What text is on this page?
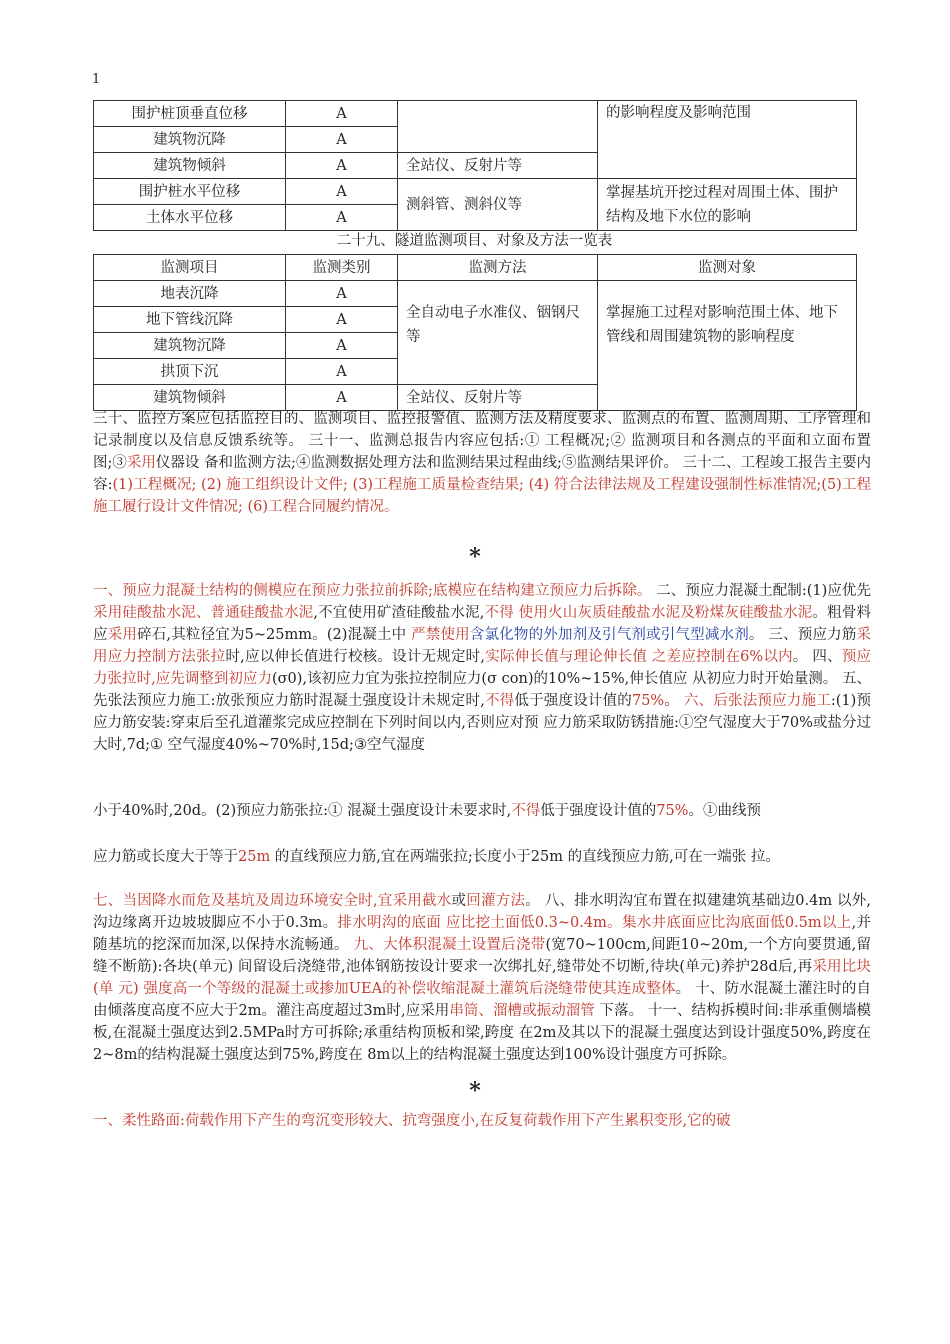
1
围护桩顶垂直位移	A		的影响程度及影响范围
建筑物沉降	A		
建筑物倾斜	A	全站仪、反射片等	
围护桩水平位移	A	测斜管、测斜仪等	掌握基坑开挖过程对周围土体、围护结构及地下水位的影响
土体水平位移	A		
二十九、隧道监测项目、对象及方法一览表
监测项目	监测类别	监测方法	监测对象
地表沉降	A	全自动电子水准仪、铟钢尺等	掌握施工过程对影响范围土体、地下管线和周围建筑物的影响程度
地下管线沉降	A		
建筑物沉降	A		
拱顶下沉	A		
建筑物倾斜	A	全站仪、反射片等	

三十、监控方案应包括监控目的、监测项目、监控报警值、监测方法及精度要求、监测点的布置、监测周期、工序管理和记录制度以及信息反馈系统等。 三十一、监测总报告内容应包括:① 工程概况;② 监测项目和各测点的平面和立面布置图;③采用仪器设 备和监测方法;④监测数据处理方法和监测结果过程曲线;⑤监测结果评价。 三十二、工程竣工报告主要内容:(1)工程概况; (2) 施工组织设计文件; (3)工程施工质量检查结果; (4) 符合法律法规及工程建设强制性标准情况;(5)工程施工履行设计文件情况; (6)工程合同履约情况。

*

一、预应力混凝土结构的侧模应在预应力张拉前拆除;底模应在结构建立预应力后拆除。 二、预应力混凝土配制:(1)应优先采用硅酸盐水泥、普通硅酸盐水泥,不宜使用矿渣硅酸盐水泥,不得 使用火山灰质硅酸盐水泥及粉煤灰硅酸盐水泥。粗骨料应采用碎石,其粒径宜为5~25mm。(2)混凝土中 严禁使用含氯化物的外加剂及引气剂或引气型减水剂。 三、预应力筋采用应力控制方法张拉时,应以伸长值进行校核。设计无规定时,实际伸长值与理论伸长值 之差应控制在6%以内。 四、预应力张拉时,应先调整到初应力(σ0),该初应力宜为张拉控制应力(σ con)的10%~15%,伸长值应 从初应力时开始量测。 五、先张法预应力施工:放张预应力筋时混凝土强度设计未规定时,不得低于强度设计值的75%。 六、后张法预应力施工:(1)预应力筋安装:穿束后至孔道灌浆完成应控制在下列时间以内,否则应对预 应力筋采取防锈措施:①空气湿度大于70%或盐分过大时,7d;① 空气湿度40%~70%时,15d;③空气湿度

小于40%时,20d。(2)预应力筋张拉:① 混凝土强度设计未要求时,不得低于强度设计值的75%。①曲线预

应力筋或长度大于等于25m 的直线预应力筋,宜在两端张拉;长度小于25m 的直线预应力筋,可在一端张 拉。

七、当因降水而危及基坑及周边环境安全时,宜采用截水或回灌方法。 八、排水明沟宜布置在拟建建筑基础边0.4m 以外,沟边缘离开边坡坡脚应不小于0.3m。排水明沟的底面 应比挖土面低0.3~0.4m。集水井底面应比沟底面低0.5m以上,并随基坑的挖深而加深,以保持水流畅通。 九、大体积混凝土设置后浇带(宽70~100cm,间距10~20m,一个方向要贯通,留缝不断筋):各块(单元) 间留设后浇缝带,池体钢筋按设计要求一次绑扎好,缝带处不切断,待块(单元)养护28d后,再采用比块(单 元) 强度高一个等级的混凝土或掺加UEA的补偿收缩混凝土灌筑后浇缝带使其连成整体。 十、防水混凝土灌注时的自由倾落度高度不应大于2m。灌注高度超过3m时,应采用串筒、溜槽或振动溜管 下落。 十一、结构拆模时间:非承重侧墙模板,在混凝土强度达到2.5MPa时方可拆除;承重结构顶板和梁,跨度 在2m及其以下的混凝土强度达到设计强度50%,跨度在2~8m的结构混凝土强度达到75%,跨度在 8m以上的结构混凝土强度达到100%设计强度方可拆除。

*

一、柔性路面:荷载作用下产生的弯沉变形较大、抗弯强度小,在反复荷载作用下产生累积变形,它的破
